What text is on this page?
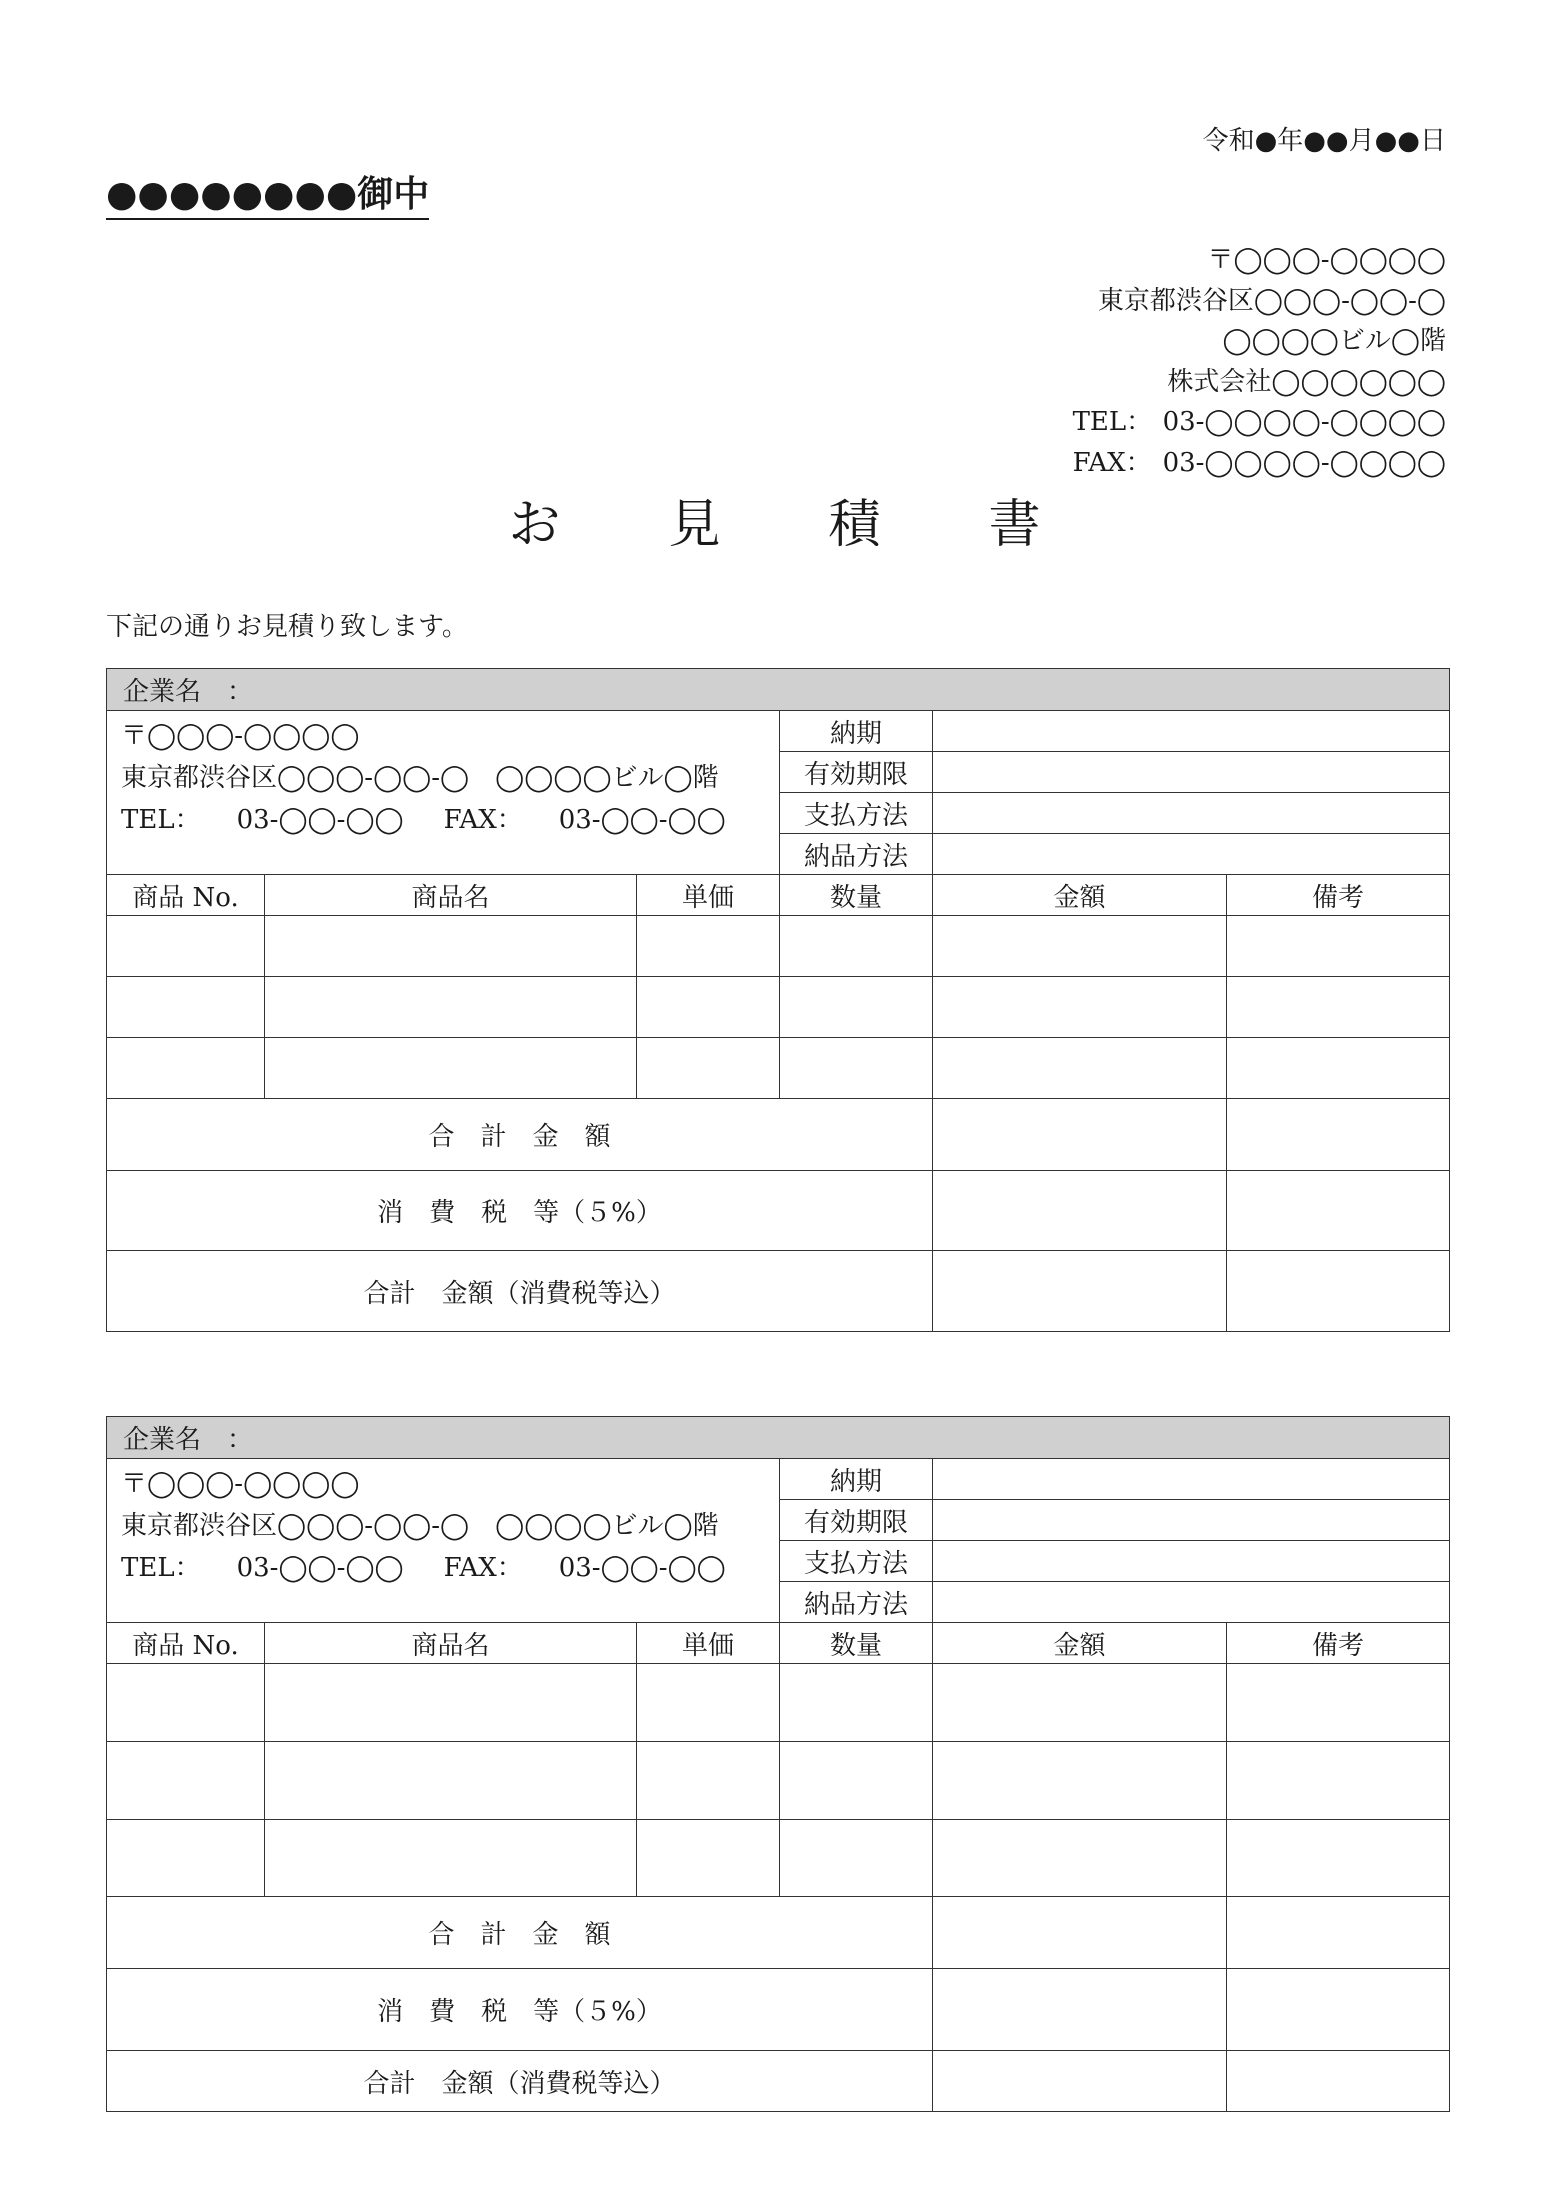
令和●年●●月●●日
●●●●●●●●御中
〒◯◯◯-◯◯◯◯
東京都渋谷区◯◯◯-◯◯-◯
◯◯◯◯ビル◯階
株式会社◯◯◯◯◯◯
TEL： 03-◯◯◯◯-◯◯◯◯
FAX： 03-◯◯◯◯-◯◯◯◯
お見積書
下記の通りお見積り致します。
企業名　：					

〒◯◯◯-◯◯◯◯
東京都渋谷区◯◯◯-◯◯-◯　◯◯◯◯ビル◯階
TEL： 03-◯◯-◯◯ FAX： 03-◯◯-◯◯			納期		
			有効期限		
			支払方法		
			納品方法		
商品 No.	商品名	単価	数量	金額	備考

合　計　金　額					
消　費　税　等（５%）					
合計　金額（消費税等込）					
企業名　：					

〒◯◯◯-◯◯◯◯
東京都渋谷区◯◯◯-◯◯-◯　◯◯◯◯ビル◯階
TEL： 03-◯◯-◯◯ FAX： 03-◯◯-◯◯			納期		
			有効期限		
			支払方法		
			納品方法		
商品 No.	商品名	単価	数量	金額	備考

合　計　金　額					
消　費　税　等（５%）					
合計　金額（消費税等込）					
